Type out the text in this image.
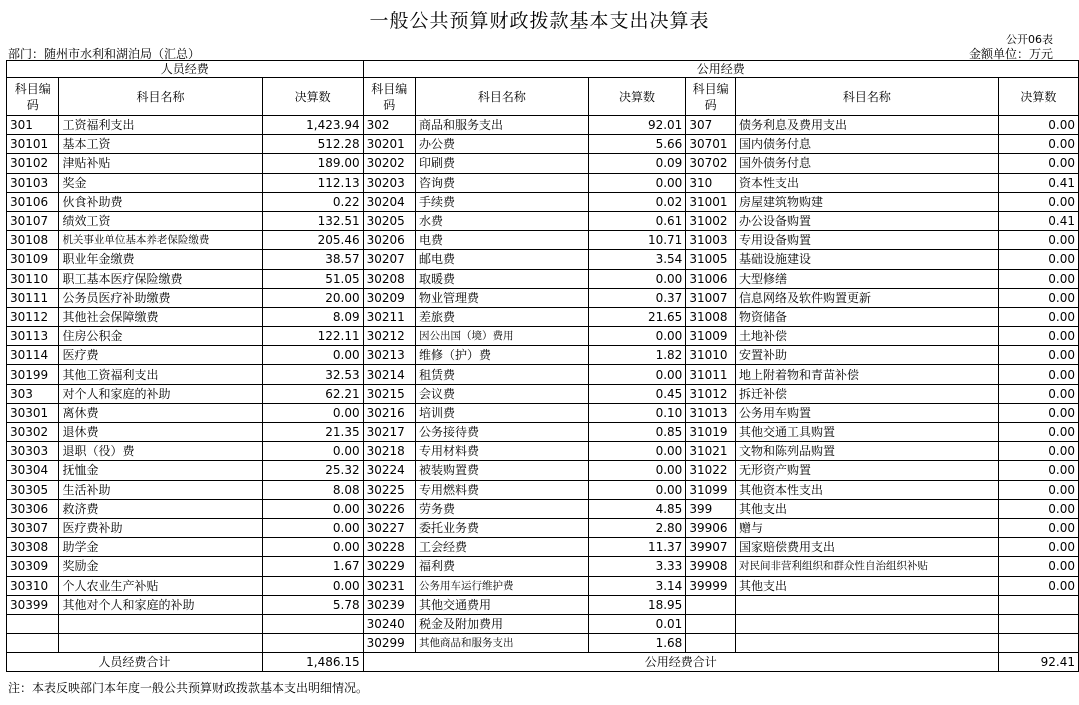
一般公共预算财政拨款基本支出决算表
公开06表
部门：随州市水利和湖泊局（汇总）	金额单位：万元
人员经费			公用经费					
科目编码	科目名称	决算数	科目编码	科目名称	决算数	科目编码	科目名称	决算数
301	工资福利支出	1,423.94	302	商品和服务支出	92.01	307	债务利息及费用支出	0.00
30101	基本工资	512.28	30201	办公费	5.66	30701	国内债务付息	0.00
30102	津贴补贴	189.00	30202	印刷费	0.09	30702	国外债务付息	0.00
30103	奖金	112.13	30203	咨询费	0.00	310	资本性支出	0.41
30106	伙食补助费	0.22	30204	手续费	0.02	31001	房屋建筑物购建	0.00
30107	绩效工资	132.51	30205	水费	0.61	31002	办公设备购置	0.41
30108	机关事业单位基本养老保险缴费	205.46	30206	电费	10.71	31003	专用设备购置	0.00
30109	职业年金缴费	38.57	30207	邮电费	3.54	31005	基础设施建设	0.00
30110	职工基本医疗保险缴费	51.05	30208	取暖费	0.00	31006	大型修缮	0.00
30111	公务员医疗补助缴费	20.00	30209	物业管理费	0.37	31007	信息网络及软件购置更新	0.00
30112	其他社会保障缴费	8.09	30211	差旅费	21.65	31008	物资储备	0.00
30113	住房公积金	122.11	30212	因公出国（境）费用	0.00	31009	土地补偿	0.00
30114	医疗费	0.00	30213	维修（护）费	1.82	31010	安置补助	0.00
30199	其他工资福利支出	32.53	30214	租赁费	0.00	31011	地上附着物和青苗补偿	0.00
303	对个人和家庭的补助	62.21	30215	会议费	0.45	31012	拆迁补偿	0.00
30301	离休费	0.00	30216	培训费	0.10	31013	公务用车购置	0.00
30302	退休费	21.35	30217	公务接待费	0.85	31019	其他交通工具购置	0.00
30303	退职（役）费	0.00	30218	专用材料费	0.00	31021	文物和陈列品购置	0.00
30304	抚恤金	25.32	30224	被装购置费	0.00	31022	无形资产购置	0.00
30305	生活补助	8.08	30225	专用燃料费	0.00	31099	其他资本性支出	0.00
30306	救济费	0.00	30226	劳务费	4.85	399	其他支出	0.00
30307	医疗费补助	0.00	30227	委托业务费	2.80	39906	赠与	0.00
30308	助学金	0.00	30228	工会经费	11.37	39907	国家赔偿费用支出	0.00
30309	奖励金	1.67	30229	福利费	3.33	39908	对民间非营利组织和群众性自治组织补贴	0.00
30310	个人农业生产补贴	0.00	30231	公务用车运行维护费	3.14	39999	其他支出	0.00
30399	其他对个人和家庭的补助	5.78	30239	其他交通费用	18.95			
			30240	税金及附加费用	0.01			
			30299	其他商品和服务支出	1.68			
人员经费合计		1,486.15	公用经费合计					92.41
注：本表反映部门本年度一般公共预算财政拨款基本支出明细情况。
